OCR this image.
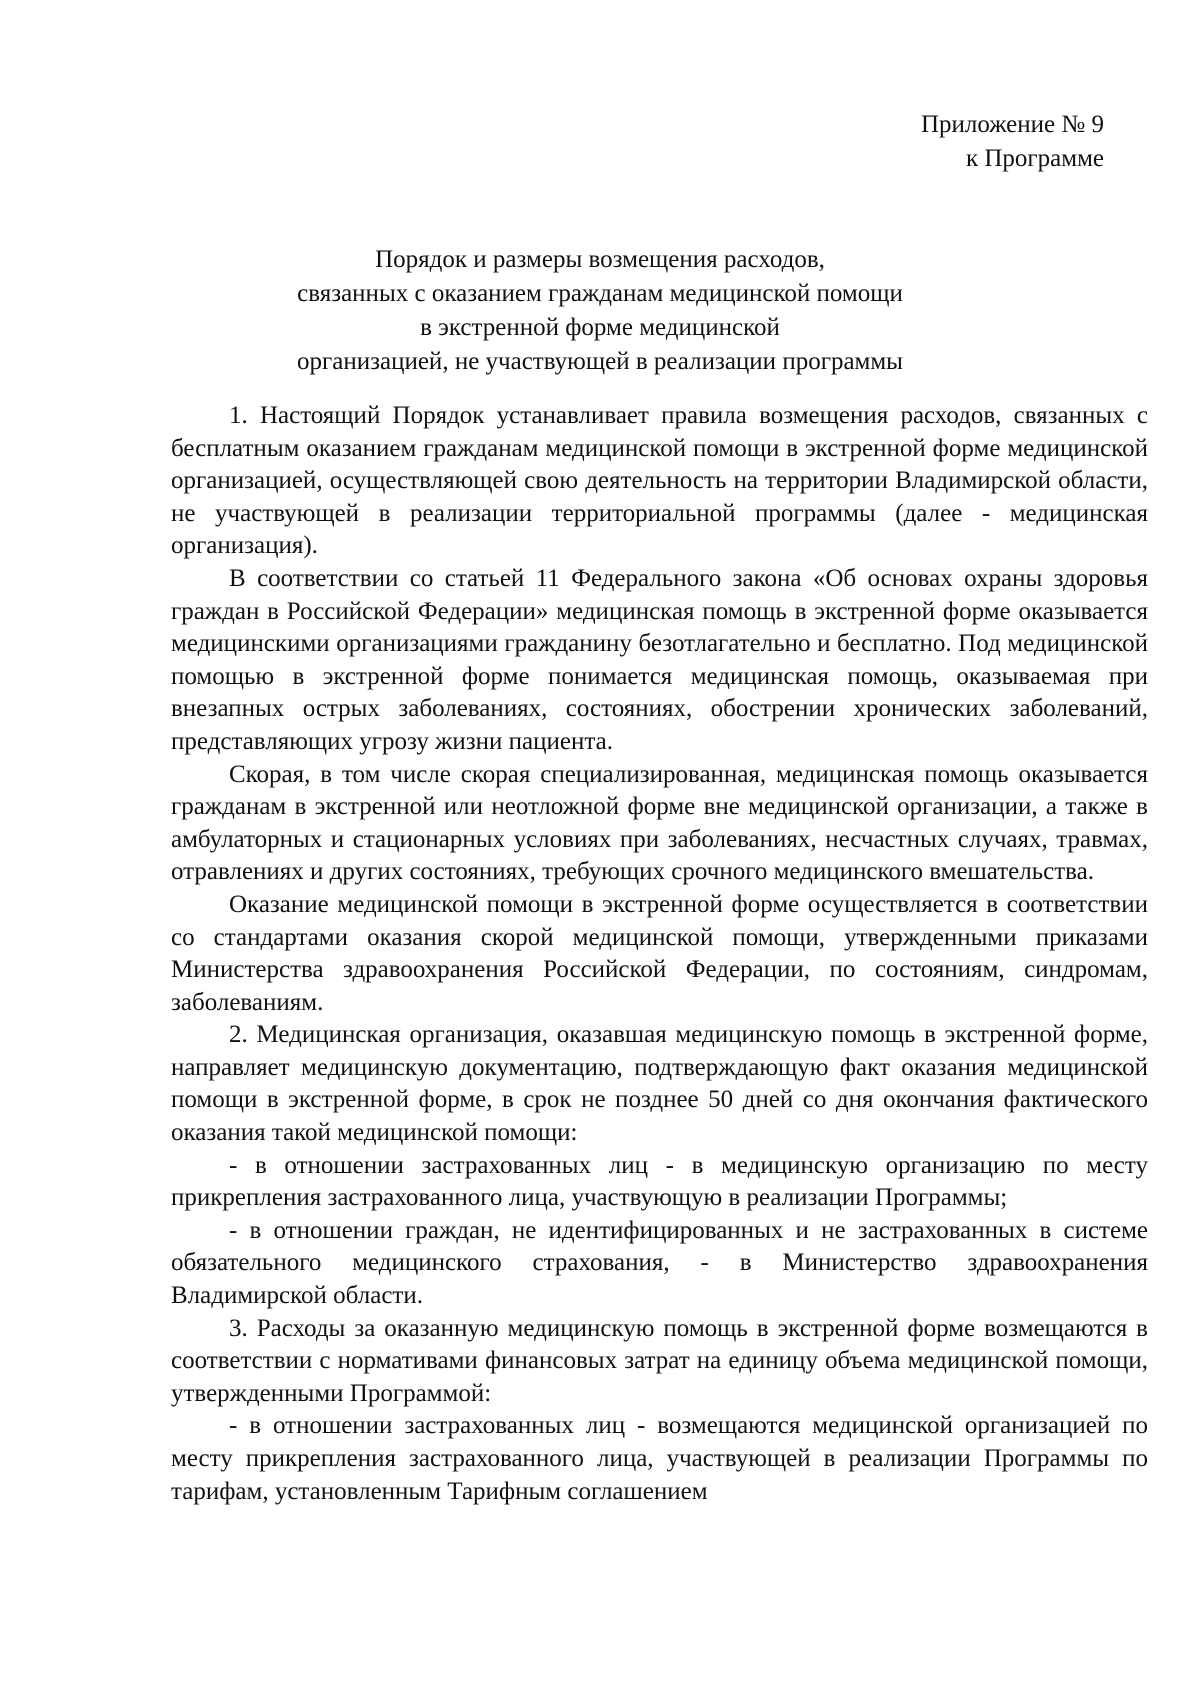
Приложение № 9
к Программе
Порядок и размеры возмещения расходов,
связанных с оказанием гражданам медицинской помощи
в экстренной форме медицинской
организацией, не участвующей в реализации программы

1. Настоящий Порядок устанавливает правила возмещения расходов, связанных с бесплатным оказанием гражданам медицинской помощи в экстренной форме медицинской организацией, осуществляющей свою деятельность на территории Владимирской области, не участвующей в реализации территориальной программы (далее - медицинская организация).

В соответствии со статьей 11 Федерального закона «Об основах охраны здоровья граждан в Российской Федерации» медицинская помощь в экстренной форме оказывается медицинскими организациями гражданину безотлагательно и бесплатно. Под медицинской помощью в экстренной форме понимается медицинская помощь, оказываемая при внезапных острых заболеваниях, состояниях, обострении хронических заболеваний, представляющих угрозу жизни пациента.

Скорая, в том числе скорая специализированная, медицинская помощь оказывается гражданам в экстренной или неотложной форме вне медицинской организации, а также в амбулаторных и стационарных условиях при заболеваниях, несчастных случаях, травмах, отравлениях и других состояниях, требующих срочного медицинского вмешательства.

Оказание медицинской помощи в экстренной форме осуществляется в соответствии со стандартами оказания скорой медицинской помощи, утвержденными приказами Министерства здравоохранения Российской Федерации, по состояниям, синдромам, заболеваниям.

2. Медицинская организация, оказавшая медицинскую помощь в экстренной форме, направляет медицинскую документацию, подтверждающую факт оказания медицинской помощи в экстренной форме, в срок не позднее 50 дней со дня окончания фактического оказания такой медицинской помощи:

- в отношении застрахованных лиц - в медицинскую организацию по месту прикрепления застрахованного лица, участвующую в реализации Программы;

- в отношении граждан, не идентифицированных и не застрахованных в системе обязательного медицинского страхования, - в Министерство здравоохранения Владимирской области.

3. Расходы за оказанную медицинскую помощь в экстренной форме возмещаются в соответствии с нормативами финансовых затрат на единицу объема медицинской помощи, утвержденными Программой:

- в отношении застрахованных лиц - возмещаются медицинской организацией по месту прикрепления застрахованного лица, участвующей в реализации Программы по тарифам, установленным Тарифным соглашением
